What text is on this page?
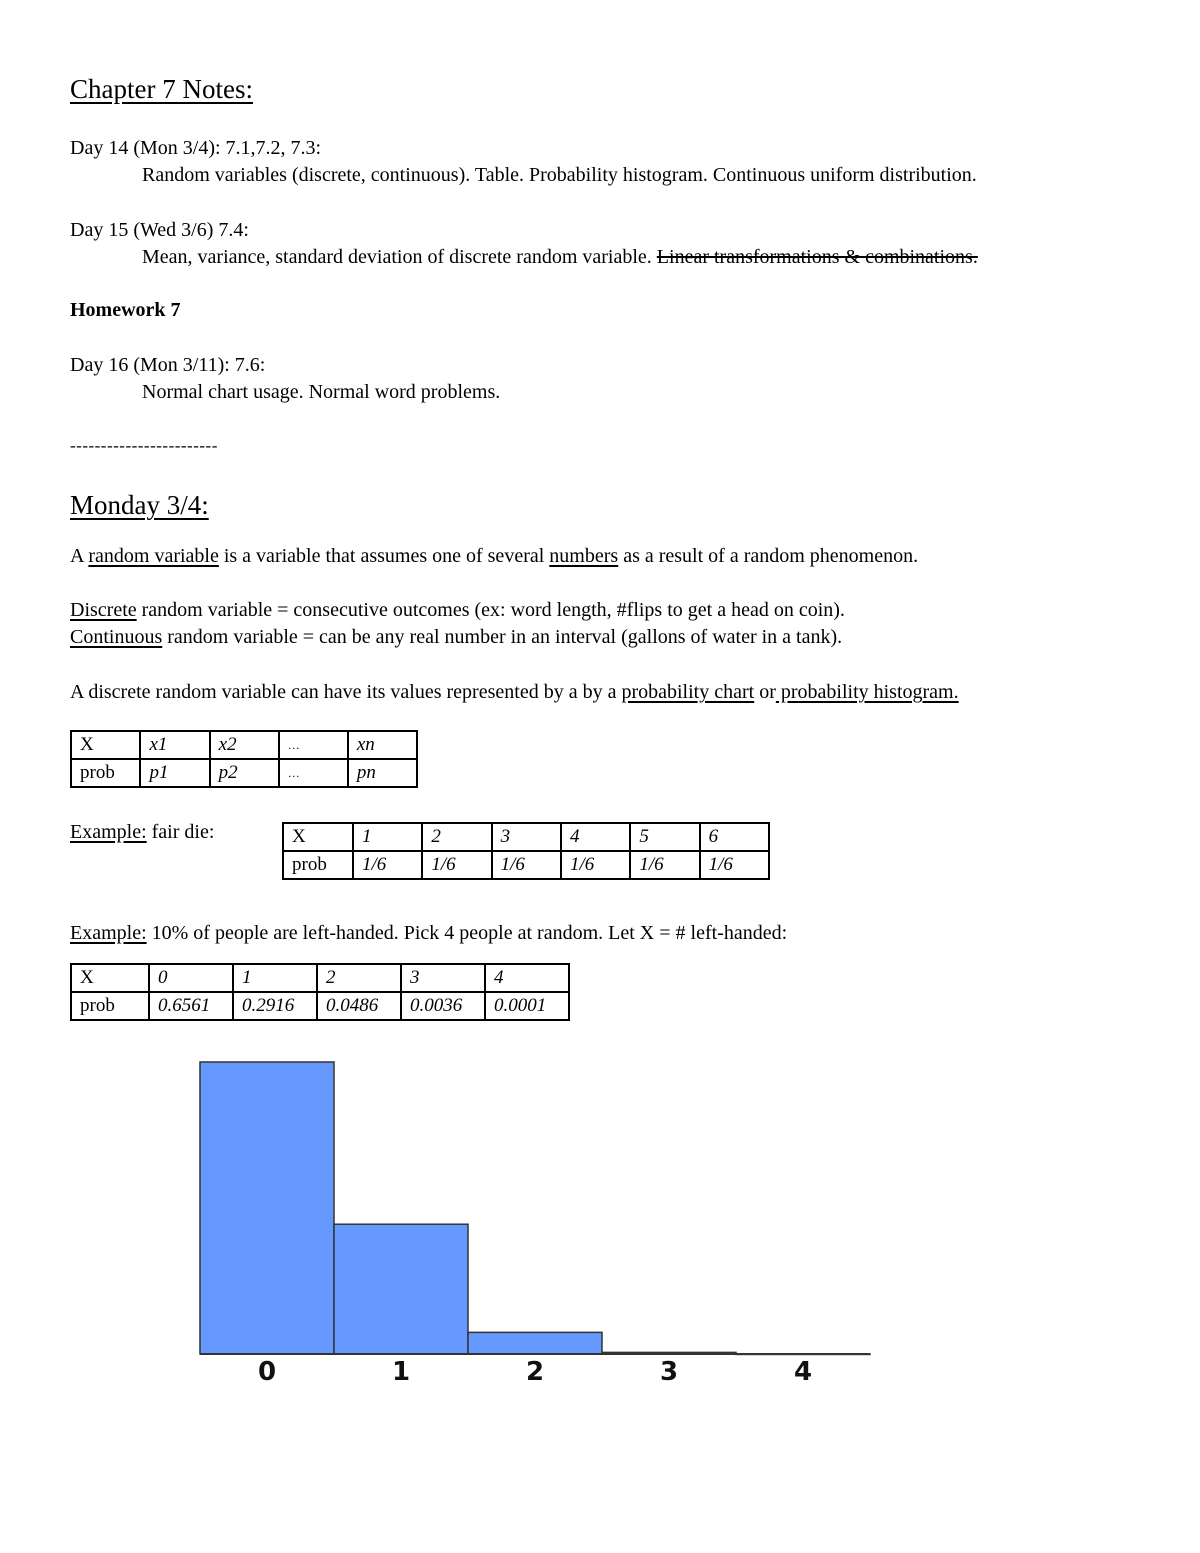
Chapter 7 Notes:
Day 14 (Mon 3/4): 7.1,7.2, 7.3:
Random variables (discrete, continuous). Table. Probability histogram. Continuous uniform distribution.
Day 15 (Wed 3/6) 7.4:
Mean, variance, standard deviation of discrete random variable. Linear transformations & combinations.
Homework 7
Day 16 (Mon 3/11): 7.6:
Normal chart usage. Normal word problems.
------------------------
Monday 3/4:
A random variable is a variable that assumes one of several numbers as a result of a random phenomenon.
Discrete random variable = consecutive outcomes (ex: word length, #flips to get a head on coin).
Continuous random variable = can be any real number in an interval (gallons of water in a tank).
A discrete random variable can have its values represented by a by a probability chart or probability histogram.
X	x1	x2	…	xn
prob	p1	p2	…	pn
Example: fair die:	X	1	2	3	4	5	6
prob	1/6	1/6	1/6	1/6	1/6	1/6
Example: 10% of people are left-handed. Pick 4 people at random. Let X = # left-handed:
X	0	1	2	3	4
prob	0.6561	0.2916	0.0486	0.0036	0.0001
0	1	2	3	4
